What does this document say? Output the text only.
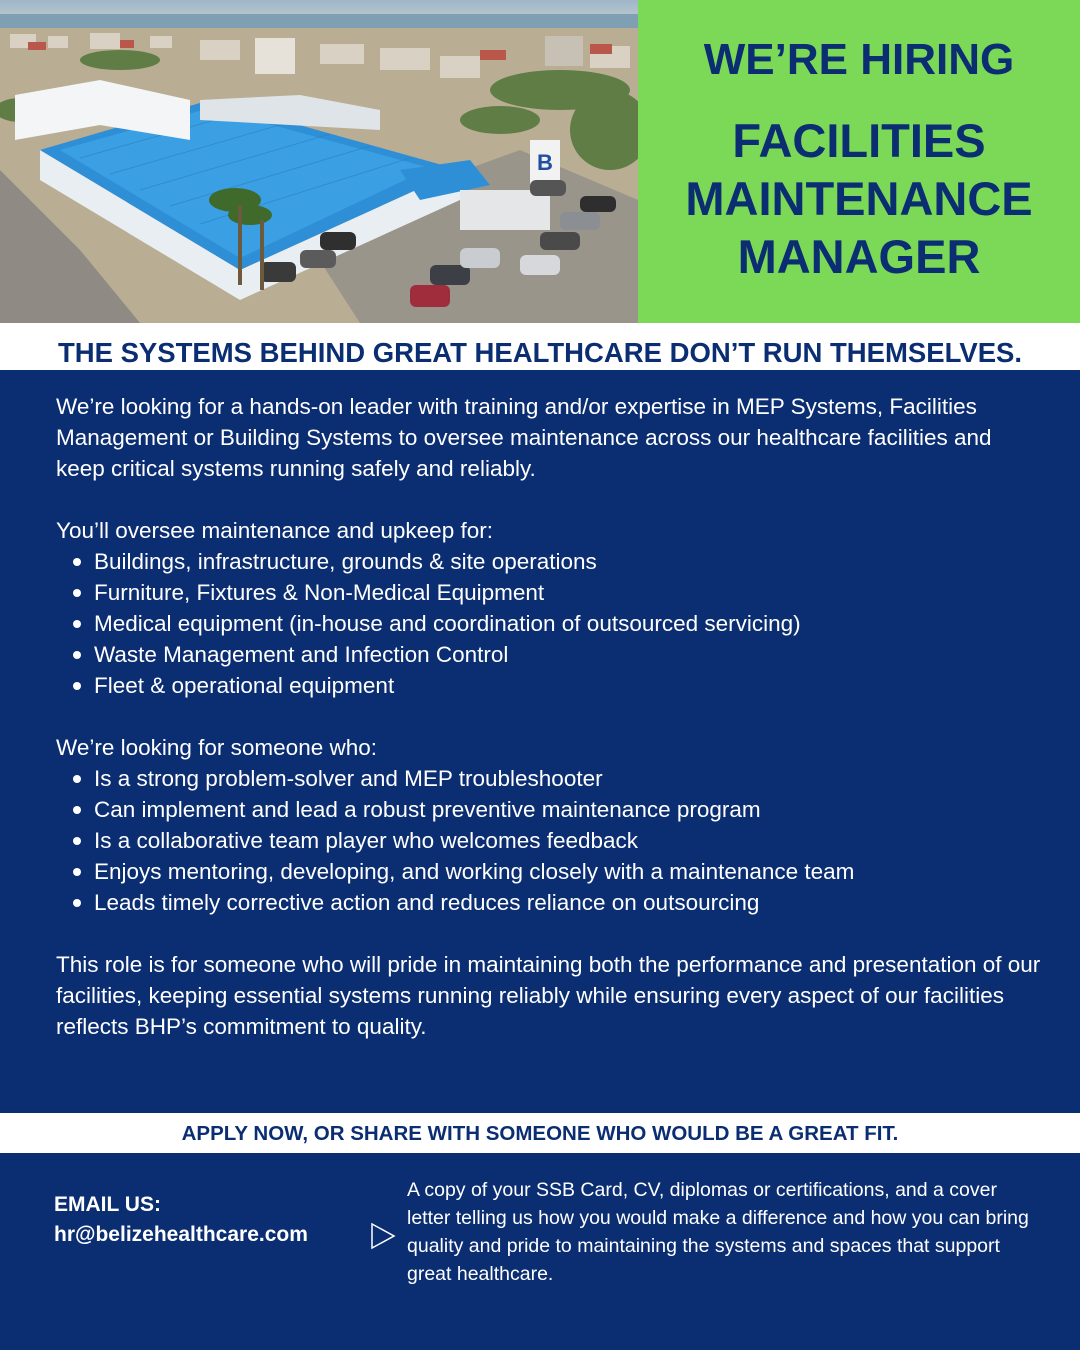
B
WE’RE HIRING
FACILITIES
MAINTENANCE
MANAGER
THE SYSTEMS BEHIND GREAT HEALTHCARE DON’T RUN THEMSELVES.

We’re looking for a hands-on leader with training and/or expertise in MEP Systems, Facilities Management or Building Systems to oversee maintenance across our healthcare facilities and keep critical systems running safely and reliably.

You’ll oversee maintenance and upkeep for:

Buildings, infrastructure, grounds & site operations
Furniture, Fixtures & Non-Medical Equipment
Medical equipment (in-house and coordination of outsourced servicing)
Waste Management and Infection Control
Fleet & operational equipment

We’re looking for someone who:

Is a strong problem-solver and MEP troubleshooter
Can implement and lead a robust preventive maintenance program
Is a collaborative team player who welcomes feedback
Enjoys mentoring, developing, and working closely with a maintenance team
Leads timely corrective action and reduces reliance on outsourcing

This role is for someone who will pride in maintaining both the performance and presentation of our facilities, keeping essential systems running reliably while ensuring every aspect of our facilities reflects BHP’s commitment to quality.

APPLY NOW, OR SHARE WITH SOMEONE WHO WOULD BE A GREAT FIT.
EMAIL US:
hr@belizehealthcare.com
A copy of your SSB Card, CV, diplomas or certifications, and a cover letter telling us how you would make a difference and how you can bring quality and pride to maintaining the systems and spaces that support great healthcare.
